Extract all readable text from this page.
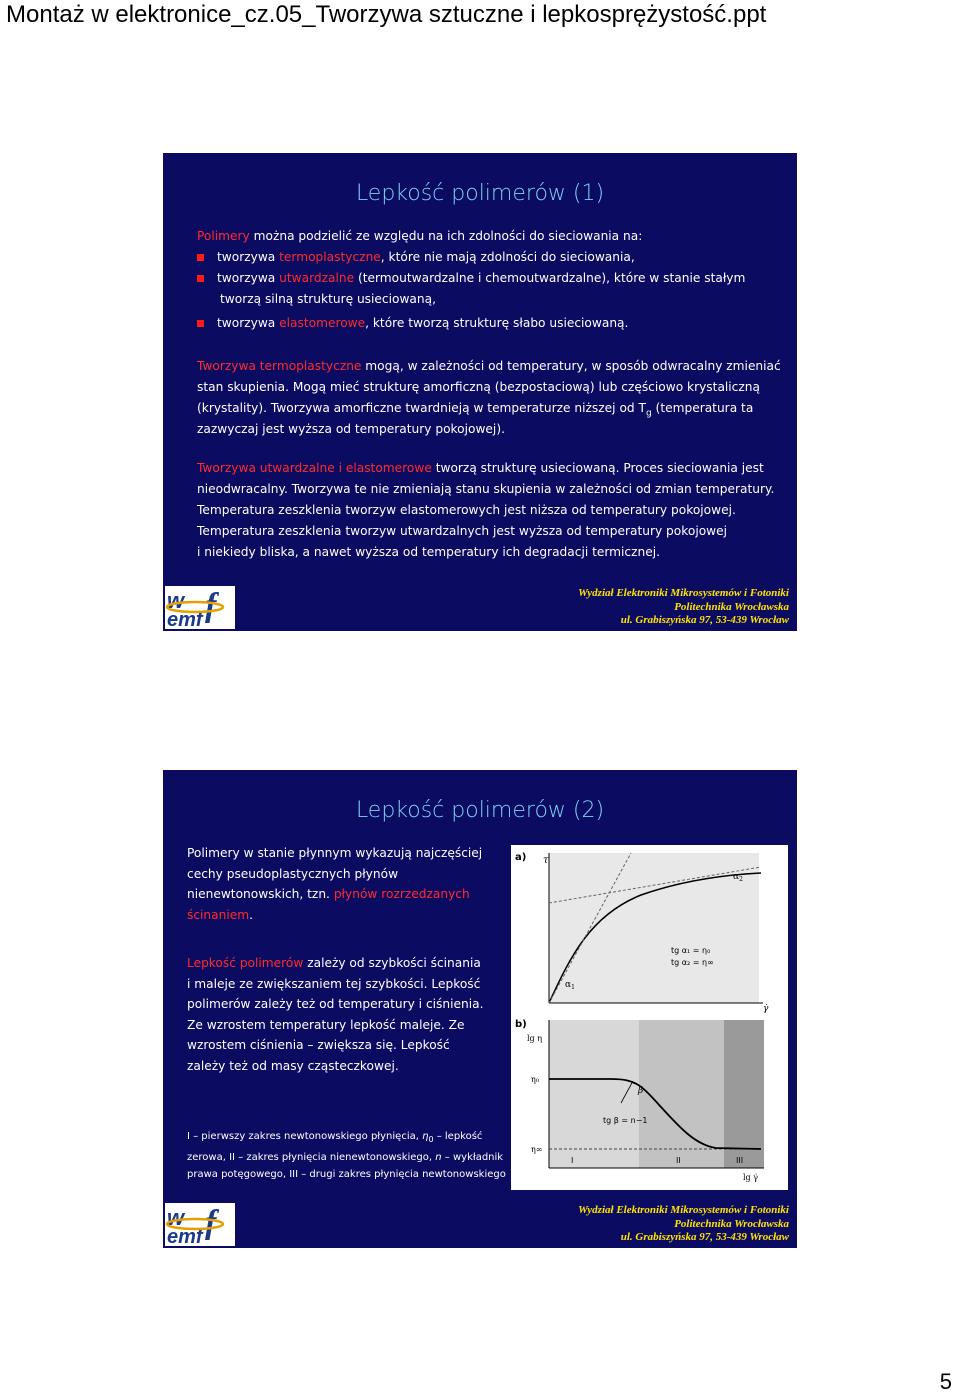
Montaż w elektronice_cz.05_Tworzywa sztuczne i lepkosprężystość.ppt
Lepkość polimerów (1)
Polimery można podzielić ze względu na ich zdolności do sieciowania na:
tworzywa termoplastyczne, które nie mają zdolności do sieciowania,
tworzywa utwardzalne (termoutwardzalne i chemoutwardzalne), które w stanie stałym
tworzą silną strukturę usieciowaną,
tworzywa elastomerowe, które tworzą strukturę słabo usieciowaną.
Tworzywa termoplastyczne mogą, w zależności od temperatury, w sposób odwracalny zmieniać
stan skupienia. Mogą mieć strukturę amorficzną (bezpostaciową) lub częściowo krystaliczną
(krystality). Tworzywa amorficzne twardnieją w temperaturze niższej od $T_g$ (temperatura ta
zazwyczaj jest wyższa od temperatury pokojowej).
Tworzywa utwardzalne i elastomerowe tworzą strukturę usieciowaną. Proces sieciowania jest
nieodwracalny. Tworzywa te nie zmieniają stanu skupienia w zależności od zmian temperatury.
Temperatura zeszklenia tworzyw elastomerowych jest niższa od temperatury pokojowej.
Temperatura zeszklenia tworzyw utwardzalnych jest wyższa od temperatury pokojowej
i niekiedy bliska, a nawet wyższa od temperatury ich degradacji termicznej.
w f
emf
Wydział Elektroniki Mikrosystemów i Fotoniki
Politechnika Wrocławska
ul. Grabiszyńska 97, 53-439 Wrocław
Lepkość polimerów (2)
Polimery w stanie płynnym wykazują najczęściej
cechy pseudoplastycznych płynów
nienewtonowskich, tzn. płynów rozrzedzanych
ścinaniem.
Lepkość polimerów zależy od szybkości ścinania
i maleje ze zwiększaniem tej szybkości. Lepkość
polimerów zależy też od temperatury i ciśnienia.
Ze wzrostem temperatury lepkość maleje. Ze
wzrostem ciśnienia – zwiększa się. Lepkość
zależy też od masy cząsteczkowej.
I – pierwszy zakres newtonowskiego płynięcia, $\eta_0$ – lepkość
zerowa, II – zakres płynięcia nienewtonowskiego, n – wykładnik
prawa potęgowego, III – drugi zakres płynięcia newtonowskiego
a) τ
$\alpha_1$
$\alpha_2$
tg α₁ = η₀
tg α₂ = η∞
γ̇
b)
lg η
η₀
η∞
β
tg β = n−1
I	II	III
lg γ̇
w f
emf
Wydział Elektroniki Mikrosystemów i Fotoniki
Politechnika Wrocławska
ul. Grabiszyńska 97, 53-439 Wrocław
5
